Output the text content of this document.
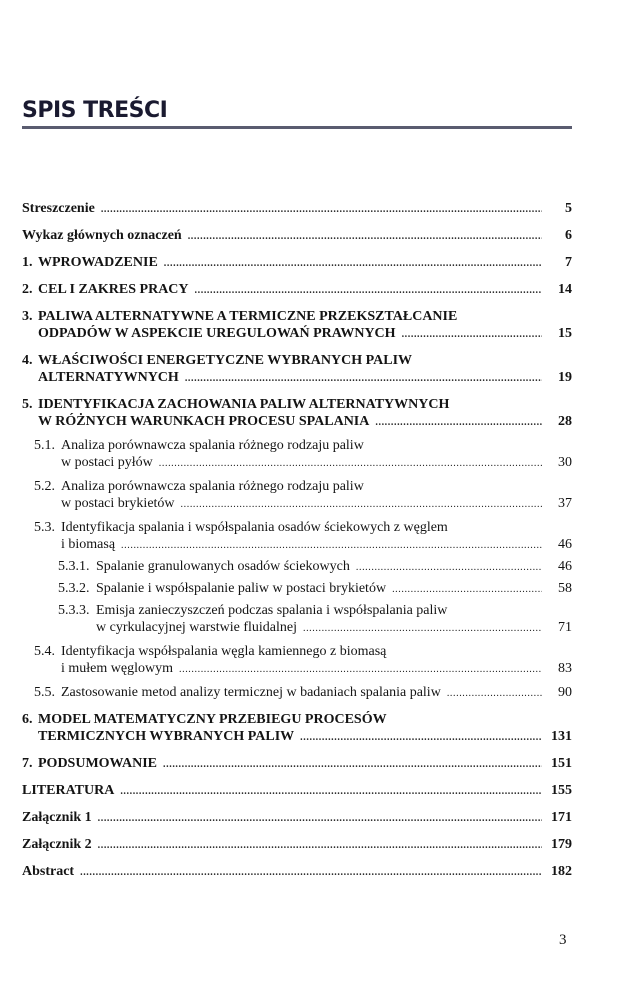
SPIS TREŚCI
Streszczenie .....	5
Wykaz głównych oznaczeń .....	6
1. WPROWADZENIE .....	7
2. CEL I ZAKRES PRACY .....	14
3. PALIWA ALTERNATYWNE A TERMICZNE PRZEKSZTAŁCANIE
ODPADÓW W ASPEKCIE UREGULOWAŃ PRAWNYCH .....	15
4. WŁAŚCIWOŚCI ENERGETYCZNE WYBRANYCH PALIW
ALTERNATYWNYCH .....	19
5. IDENTYFIKACJA ZACHOWANIA PALIW ALTERNATYWNYCH
W RÓŻNYCH WARUNKACH PROCESU SPALANIA .....	28
5.1. Analiza porównawcza spalania różnego rodzaju paliw
w postaci pyłów .....	30
5.2. Analiza porównawcza spalania różnego rodzaju paliw
w postaci brykietów .....	37
5.3. Identyfikacja spalania i współspalania osadów ściekowych z węglem
i biomasą .....	46
5.3.1. Spalanie granulowanych osadów ściekowych .....	46
5.3.2. Spalanie i współspalanie paliw w postaci brykietów .....	58
5.3.3. Emisja zanieczyszczeń podczas spalania i współspalania paliw
w cyrkulacyjnej warstwie fluidalnej .....	71
5.4. Identyfikacja współspalania węgla kamiennego z biomasą
i mułem węglowym .....	83
5.5. Zastosowanie metod analizy termicznej w badaniach spalania paliw .....	90
6. MODEL MATEMATYCZNY PRZEBIEGU PROCESÓW
TERMICZNYCH WYBRANYCH PALIW .....	131
7. PODSUMOWANIE .....	151
LITERATURA .....	155
Załącznik 1 .....	171
Załącznik 2 .....	179
Abstract .....	182
3
